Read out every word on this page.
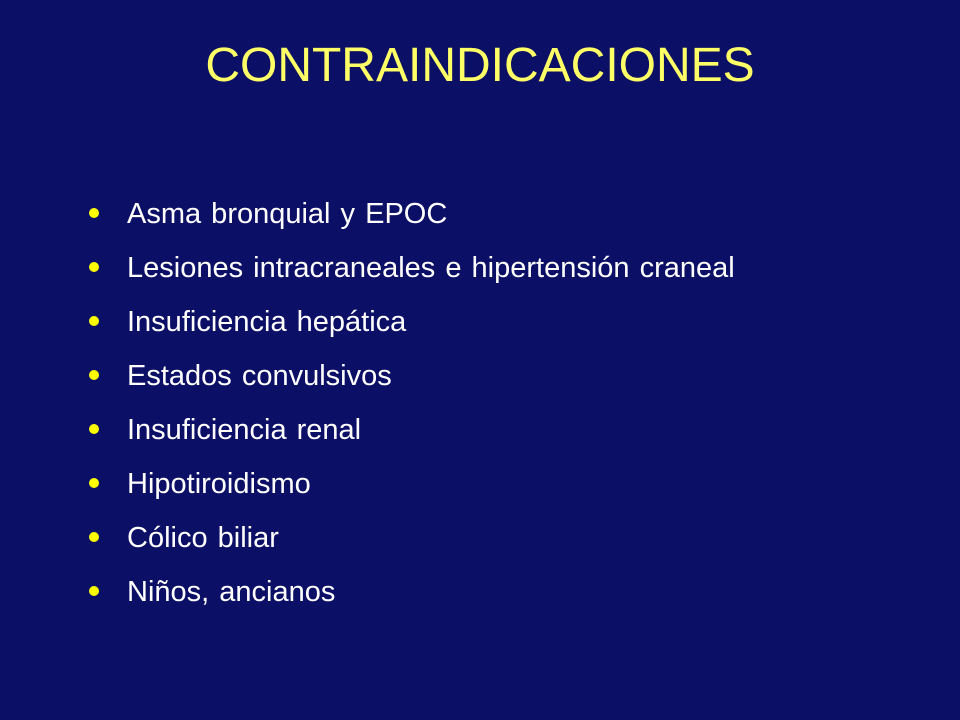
CONTRAINDICACIONES
Asma bronquial y EPOC
Lesiones intracraneales e hipertensión craneal
Insuficiencia hepática
Estados convulsivos
Insuficiencia renal
Hipotiroidismo
Cólico biliar
Niños, ancianos
